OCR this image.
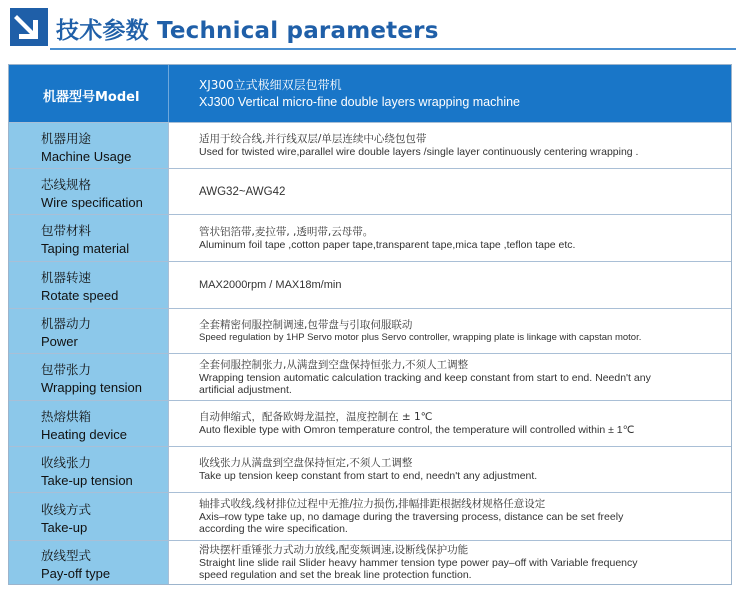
技术参数 Technical parameters
机器型号Model
XJ300立式极细双层包带机
XJ300 Vertical micro-fine double layers wrapping machine
机器用途
Machine Usage
适用于绞合线,并行线双层/单层连续中心绕包包带
Used for twisted wire,parallel wire double layers /single layer continuously centering wrapping .
芯线规格
Wire specification
AWG32~AWG42
包带材料
Taping material
管状铝箔带,麦拉带, ,透明带,云母带。
Aluminum foil tape ,cotton paper tape,transparent tape,mica tape ,teflon tape etc.
机器转速
Rotate speed
MAX2000rpm / MAX18m/min
机器动力
Power
全套精密伺服控制调速,包带盘与引取伺服联动
Speed regulation by 1HP Servo motor plus Servo controller, wrapping plate is linkage with capstan motor.
包带张力
Wrapping tension
全套伺服控制张力,从满盘到空盘保持恒张力,不须人工调整
Wrapping tension automatic calculation tracking and keep constant from start to end. Needn't any artificial adjustment.
热熔烘箱
Heating device
自动伸缩式，配备欧姆龙温控，温度控制在 ± 1℃
Auto flexible type with Omron temperature control, the temperature will controlled within ± 1℃
收线张力
Take-up tension
收线张力从满盘到空盘保持恒定,不须人工调整
Take up tension keep constant from start to end, needn't any adjustment.
收线方式
Take-up
轴排式收线,线材排位过程中无推/拉力损伤,排幅排距根据线材规格任意设定
Axis–row type take up, no damage during the traversing process, distance can be set freely according the wire specification.
放线型式
Pay-off type
滑块摆杆重锤张力式动力放线,配变频调速,设断线保护功能
Straight line slide rail Slider heavy hammer tension type power pay–off with Variable frequency speed regulation and set the break line protection function.
